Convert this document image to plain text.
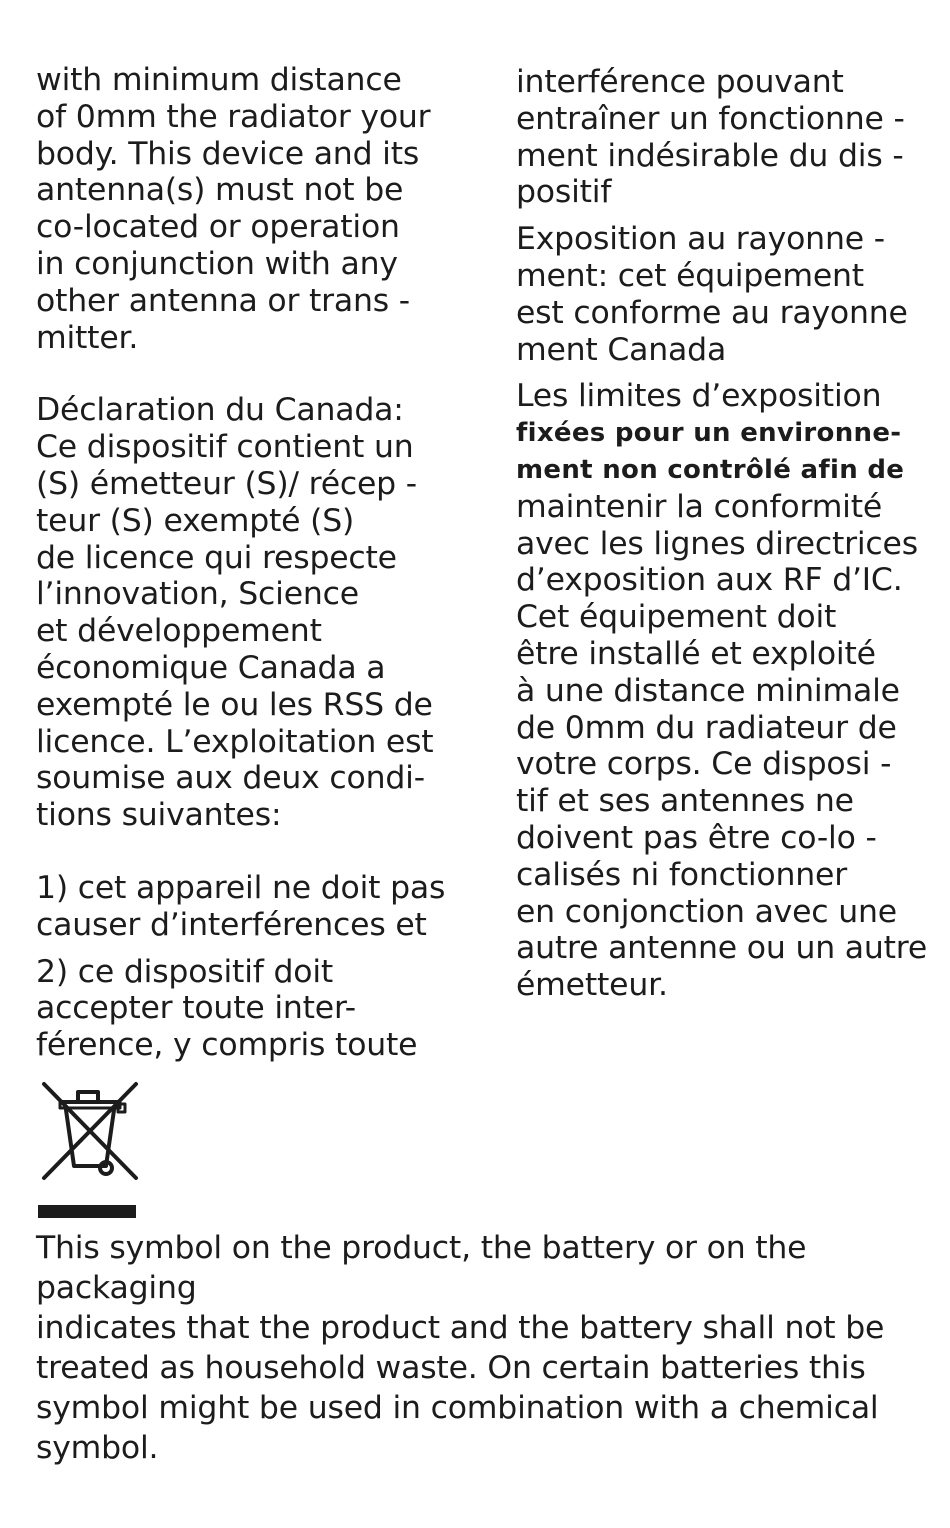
with minimum distance
of 0mm the radiator your
body. This device and its
antenna(s) must not be
co-located or operation
in conjunction with any
other antenna or trans -
mitter.
Déclaration du Canada:
Ce dispositif contient un
(S) émetteur (S)/ récep -
teur (S) exempté (S)
de licence qui respecte
l’innovation, Science
et développement
économique Canada a
exempté le ou les RSS de
licence. L’exploitation est
soumise aux deux condi-
tions suivantes:
1) cet appareil ne doit pas
causer d’interférences et
2) ce dispositif doit
accepter toute inter-
férence, y compris toute
interférence pouvant
entraîner un fonctionne -
ment indésirable du dis -
positif
Exposition au rayonne -
ment: cet équipement
est conforme au rayonne
ment Canada
Les limites d’exposition
fixées pour un environne-
ment non contrôlé afin de
maintenir la conformité
avec les lignes directrices
d’exposition aux RF d’IC.
Cet équipement doit
être installé et exploité
à une distance minimale
de 0mm du radiateur de
votre corps. Ce disposi -
tif et ses antennes ne
doivent pas être co-lo -
calisés ni fonctionner
en conjonction avec une
autre antenne ou un autre
émetteur.
This symbol on the product, the battery or on the
packaging
indicates that the product and the battery shall not be
treated as household waste. On certain batteries this
symbol might be used in combination with a chemical
symbol.
